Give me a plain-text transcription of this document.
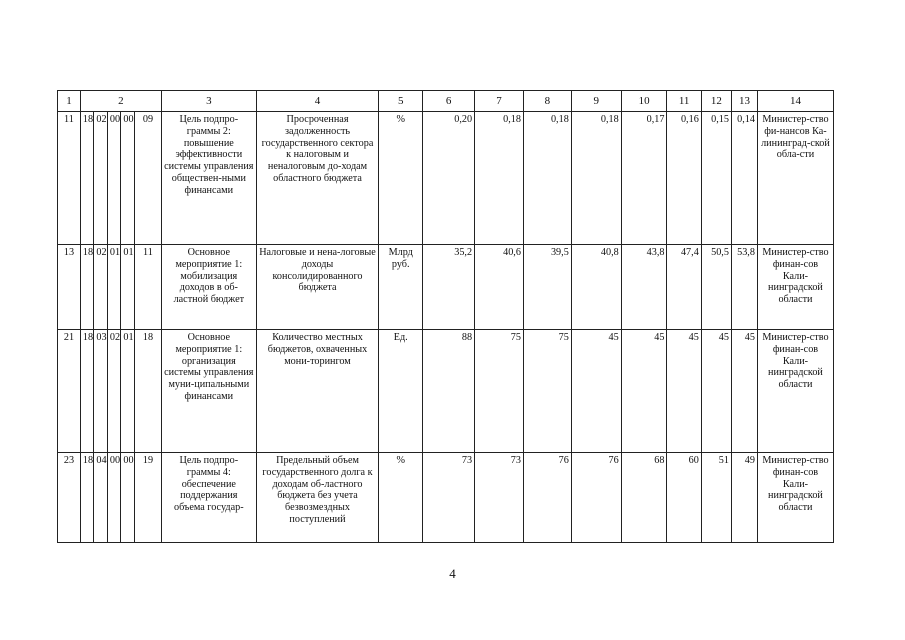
1	2					3	4	5	6	7	8	9	10	11	12	13	14
11	18	02	00	00	09	Цель подпро-граммы 2: повышение эффективности системы управления обществен-ными финансами	Просроченная задолженность государственного сектора к налоговым и неналоговым до-ходам областного бюджета	%	0,20	0,18	0,18	0,18	0,17	0,16	0,15	0,14	Министер-ство фи-нансов Ка-лининград-ской обла-сти
13	18	02	01	01	11	Основное мероприятие 1: мобилизация доходов в об-ластной бюджет	Налоговые и нена-логовые доходы консолидированного бюджета	Млрд руб.	35,2	40,6	39,5	40,8	43,8	47,4	50,5	53,8	Министер-ство финан-сов Кали-нинградской области
21	18	03	02	01	18	Основное мероприятие 1: организация системы управления муни-ципальными финансами	Количество местных бюджетов, охваченных мони-торингом	Ед.	88	75	75	45	45	45	45	45	Министер-ство финан-сов Кали-нинградской области
23	18	04	00	00	19	Цель подпро-граммы 4: обеспечение поддержания объема государ-	Предельный объем государственного долга к доходам об-ластного бюджета без учета безвозмездных поступлений	%	73	73	76	76	68	60	51	49	Министер-ство финан-сов Кали-нинградской области
4
